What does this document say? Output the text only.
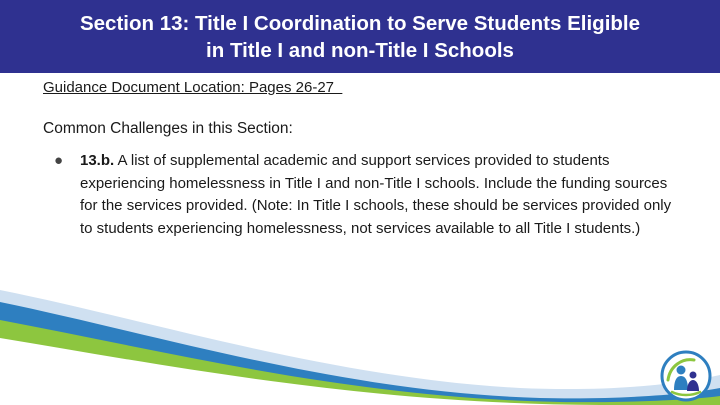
Section 13: Title I Coordination to Serve Students Eligible
in Title I and non-Title I Schools

Guidance Document Location: Pages 26-27

Common Challenges in this Section:

● 13.b. A list of supplemental academic and support services provided to students experiencing homelessness in Title I and non-Title I schools. Include the funding sources for the services provided. (Note: In Title I schools, these should be services provided only to students experiencing homelessness, not services available to all Title I students.)
